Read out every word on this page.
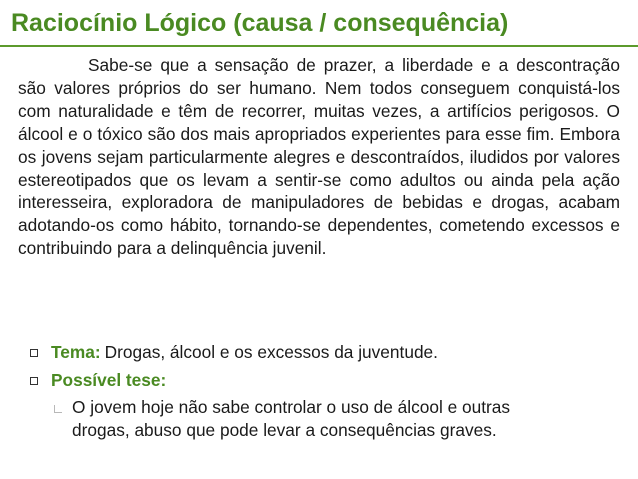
Raciocínio Lógico (causa / consequência)

Sabe-se que a sensação de prazer, a liberdade e a descontração são valores próprios do ser humano. Nem todos conseguem conquistá-los com naturalidade e têm de recorrer, muitas vezes, a artifícios perigosos. O álcool e o tóxico são dos mais apropriados experientes para esse fim. Embora os jovens sejam particularmente alegres e descontraídos, iludidos por valores estereotipados que os levam a sentir-se como adultos ou ainda pela ação interesseira, exploradora de manipuladores de bebidas e drogas, acabam adotando-os como hábito, tornando-se dependentes, cometendo excessos e contribuindo para a delinquência juvenil.

Tema: Drogas, álcool e os excessos da juventude.
Possível tese:
O jovem hoje não sabe controlar o uso de álcool e outras drogas, abuso que pode levar a consequências graves.
